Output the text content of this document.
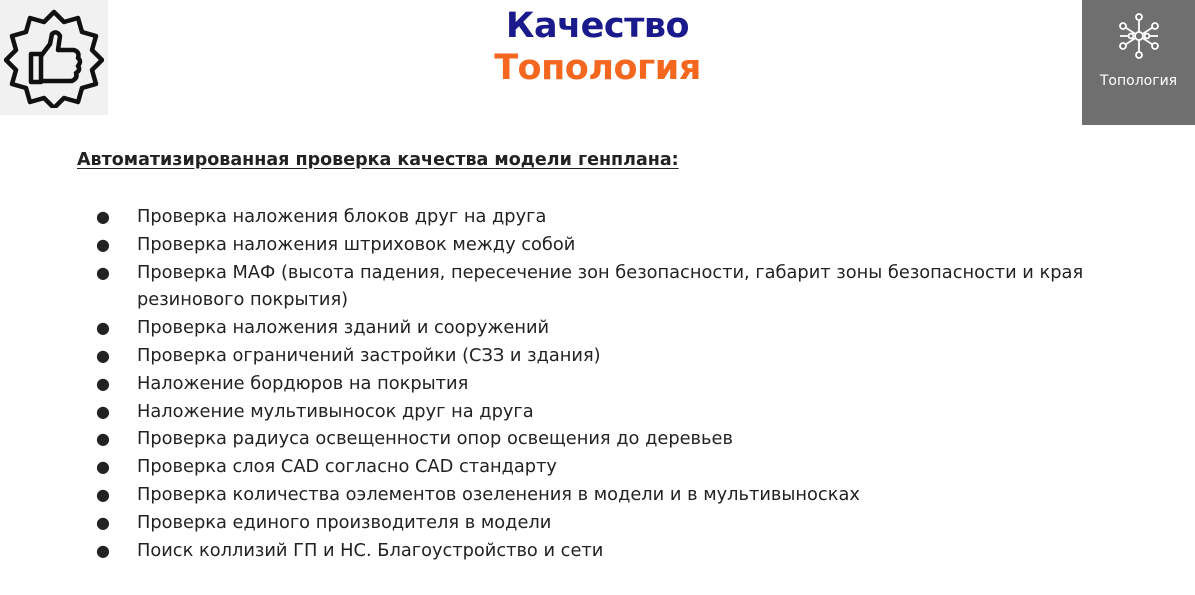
Качество
Топология	Топология
Автоматизированная проверка качества модели генплана:
● Проверка наложения блоков друг на друга
● Проверка наложения штриховок между собой
● Проверка МАФ (высота падения, пересечение зон безопасности, габарит зоны безопасности и края резинового покрытия)
● Проверка наложения зданий и сооружений
● Проверка ограничений застройки (СЗЗ и здания)
● Наложение бордюров на покрытия
● Наложение мультивыносок друг на друга
● Проверка радиуса освещенности опор освещения до деревьев
● Проверка слоя CAD согласно CAD стандарту
● Проверка количества оэлементов озеленения в модели и в мультивыносках
● Проверка единого производителя в модели
● Поиск коллизий ГП и НС. Благоустройство и сети
